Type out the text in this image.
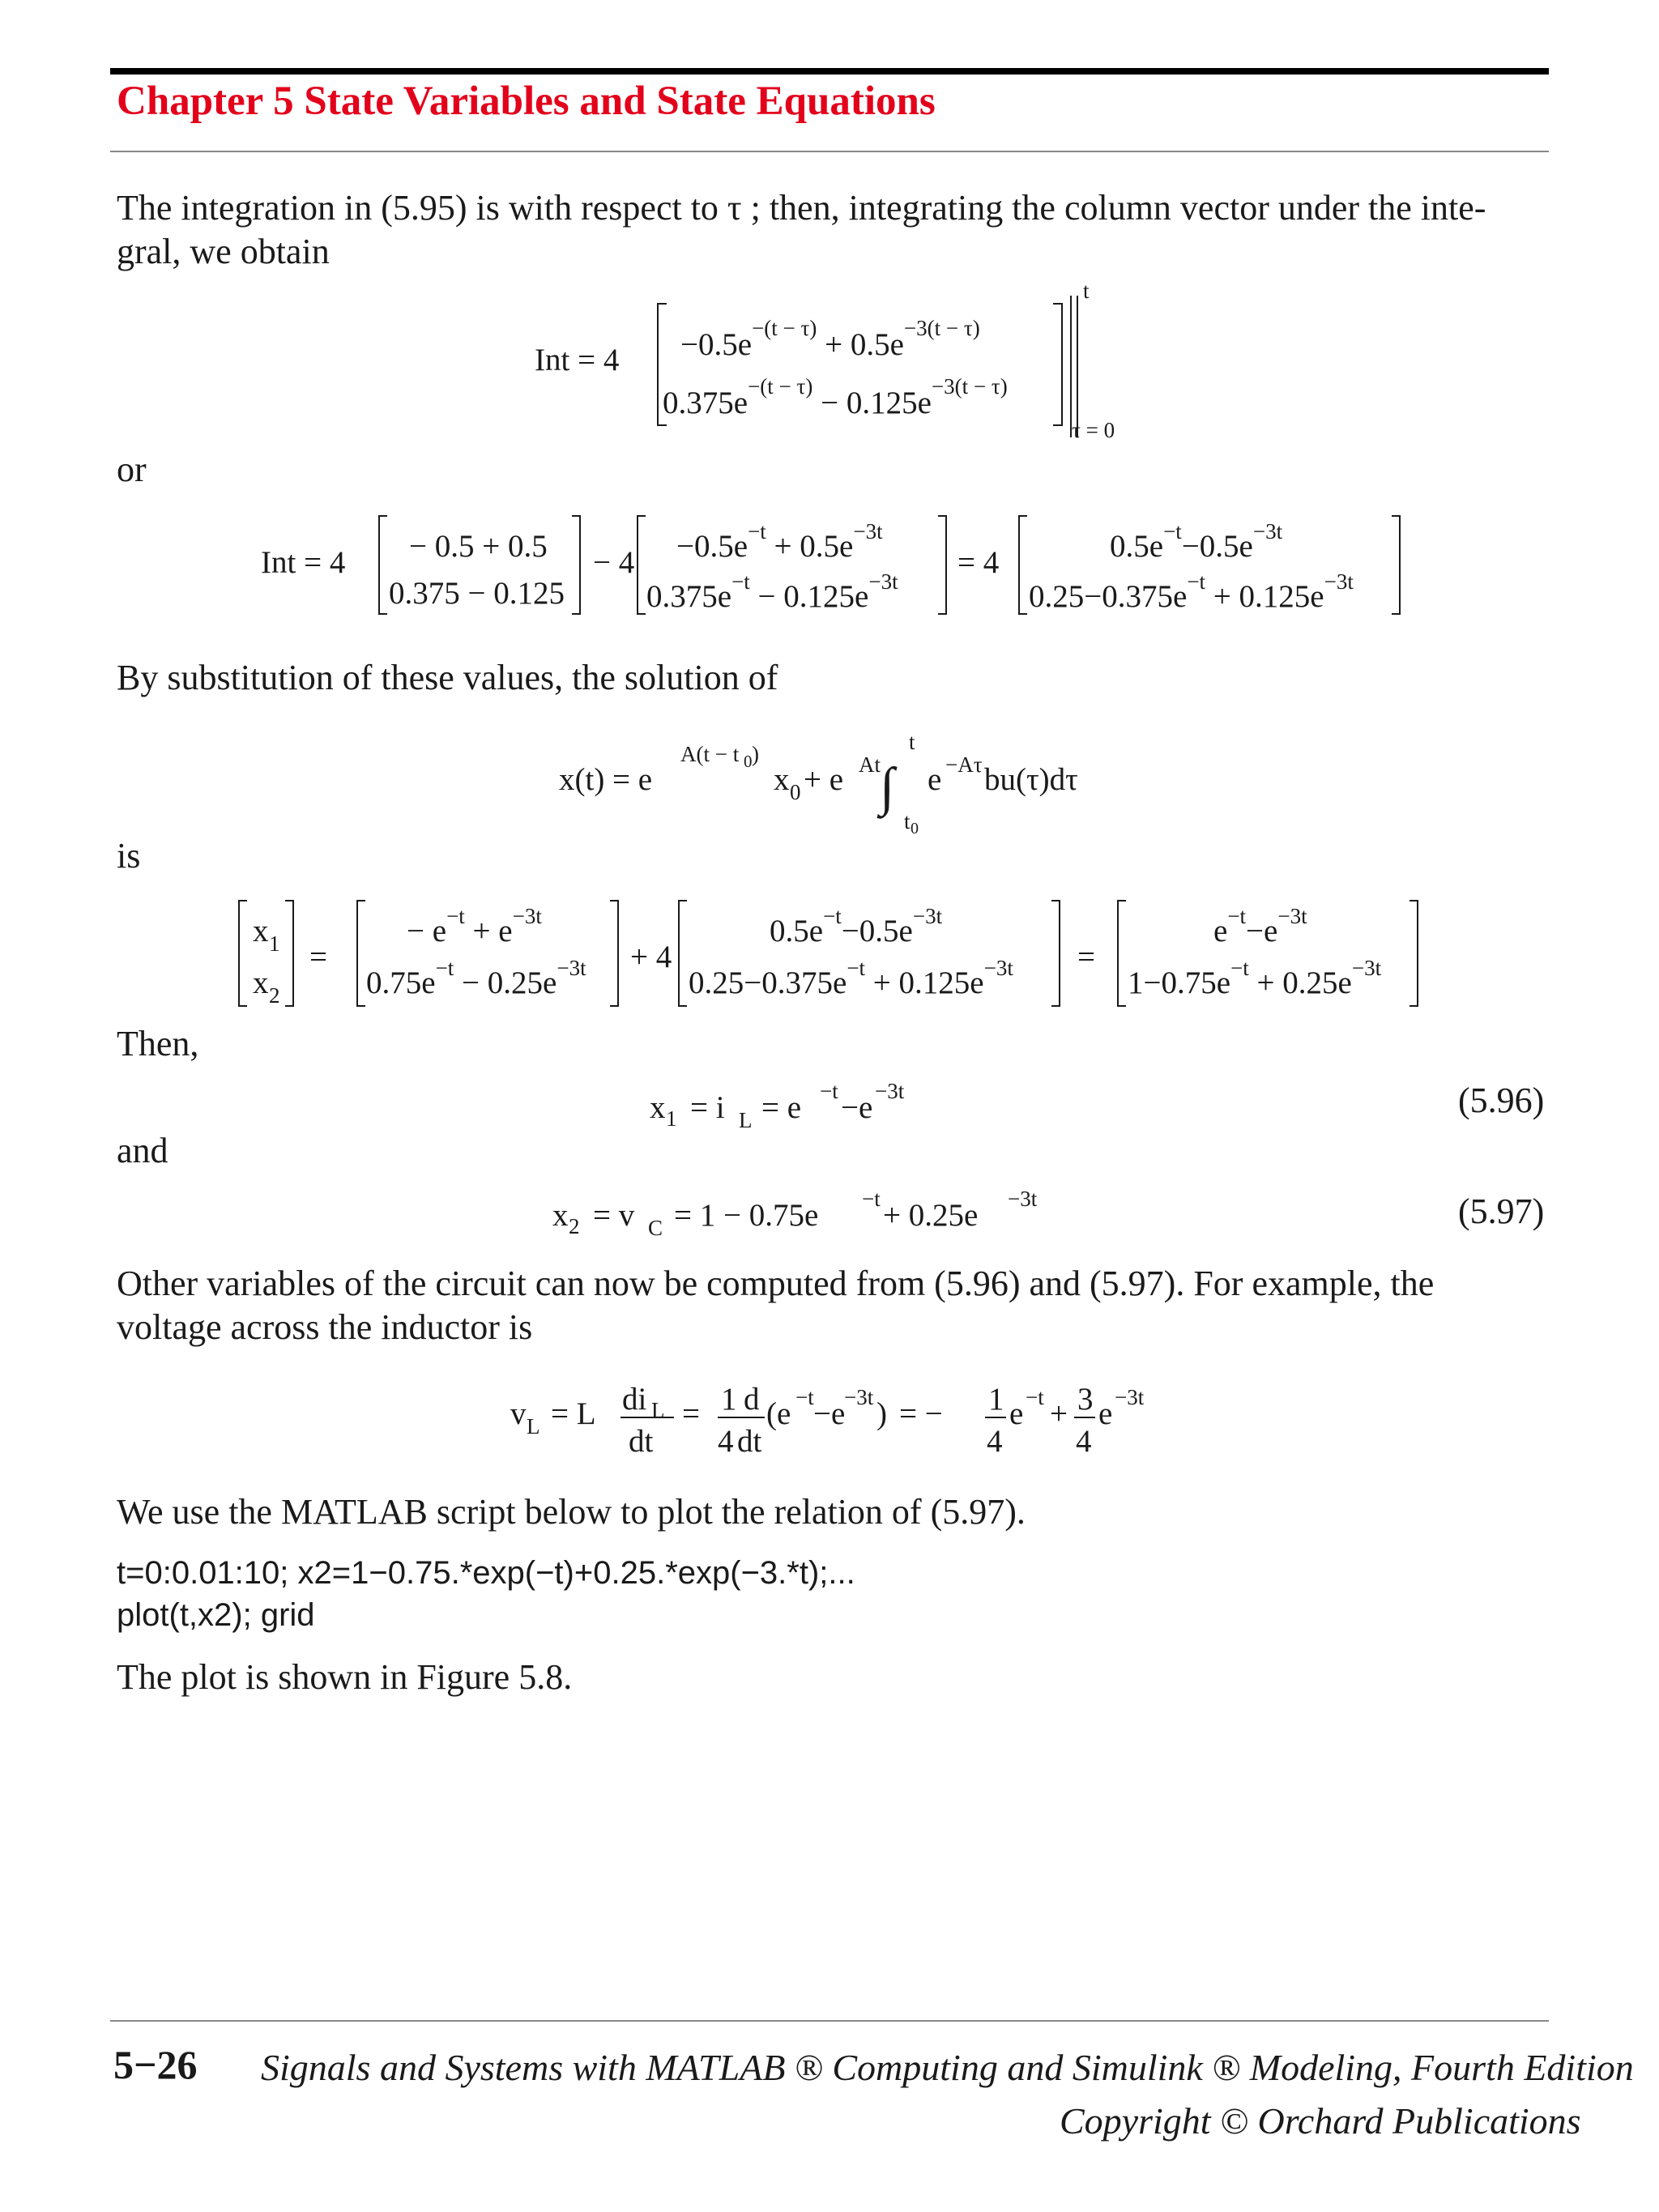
Chapter 5 State Variables and State Equations
The integration in (5.95) is with respect to τ ; then, integrating the column vector under the inte-
gral, we obtain
Int = $4 -0.5e^{-(t - \tau)} + 0.5e^{-3(t - \tau)}$
$0.375e^{-(t - \tau)} - 0.125e^{-3(t - \tau)}$
t
τ = 0
or
Int = 4 − 0.5 + 0.5
0.375 − 0.125
− $4 -0.5e^{-t} + 0.5e^{-3t}$
$0.375e^{-t} - 0.125e^{-3t}$
= 4	$0.5e^{-t}-0.5e^{-3t}$
$0.25-0.375e^{-t} + 0.125e^{-3t}$
By substitution of these values, the solution of
x(t) = e
A(t − t 0 )
x 0 + e At ∫
t
t 0
e −Aτ bu(τ)dτ
is
x 1
x 2
=
− $e^{-t} + e^{-3t}$
$0.75e^{-t} - 0.25e^{-3t} + 4$
$0.5e^{-t}-0.5e^{-3t}$
$0.25-0.375e^{-t} + 0.125e^{-3t}$ =
$e^{-t}-e^{-3t}$
$1-0.75e^{-t} + 0.25e^{-3t}$
Then,
x 1 = i L = e −t −e −3t	(5.96)
and
x 2 = v C = 1 − 0.75e −t + 0.25e −3t	(5.97)
Other variables of the circuit can now be computed from (5.96) and (5.97). For example, the
voltage across the inductor is
v L = L di L
dt
= 1 d
4 dt
(e −t −e
−3t ) = − 1
4
e −t + 3
4
e −3t
We use the MATLAB script below to plot the relation of (5.97).
t=0:0.01:10; x2=1−0.75.*exp(−t)+0.25.*exp(−3.*t);...
plot(t,x2); grid
The plot is shown in Figure 5.8.
5−26 Signals and Systems with MATLAB ® Computing and Simulink ® Modeling, Fourth Edition
Copyright © Orchard Publications
